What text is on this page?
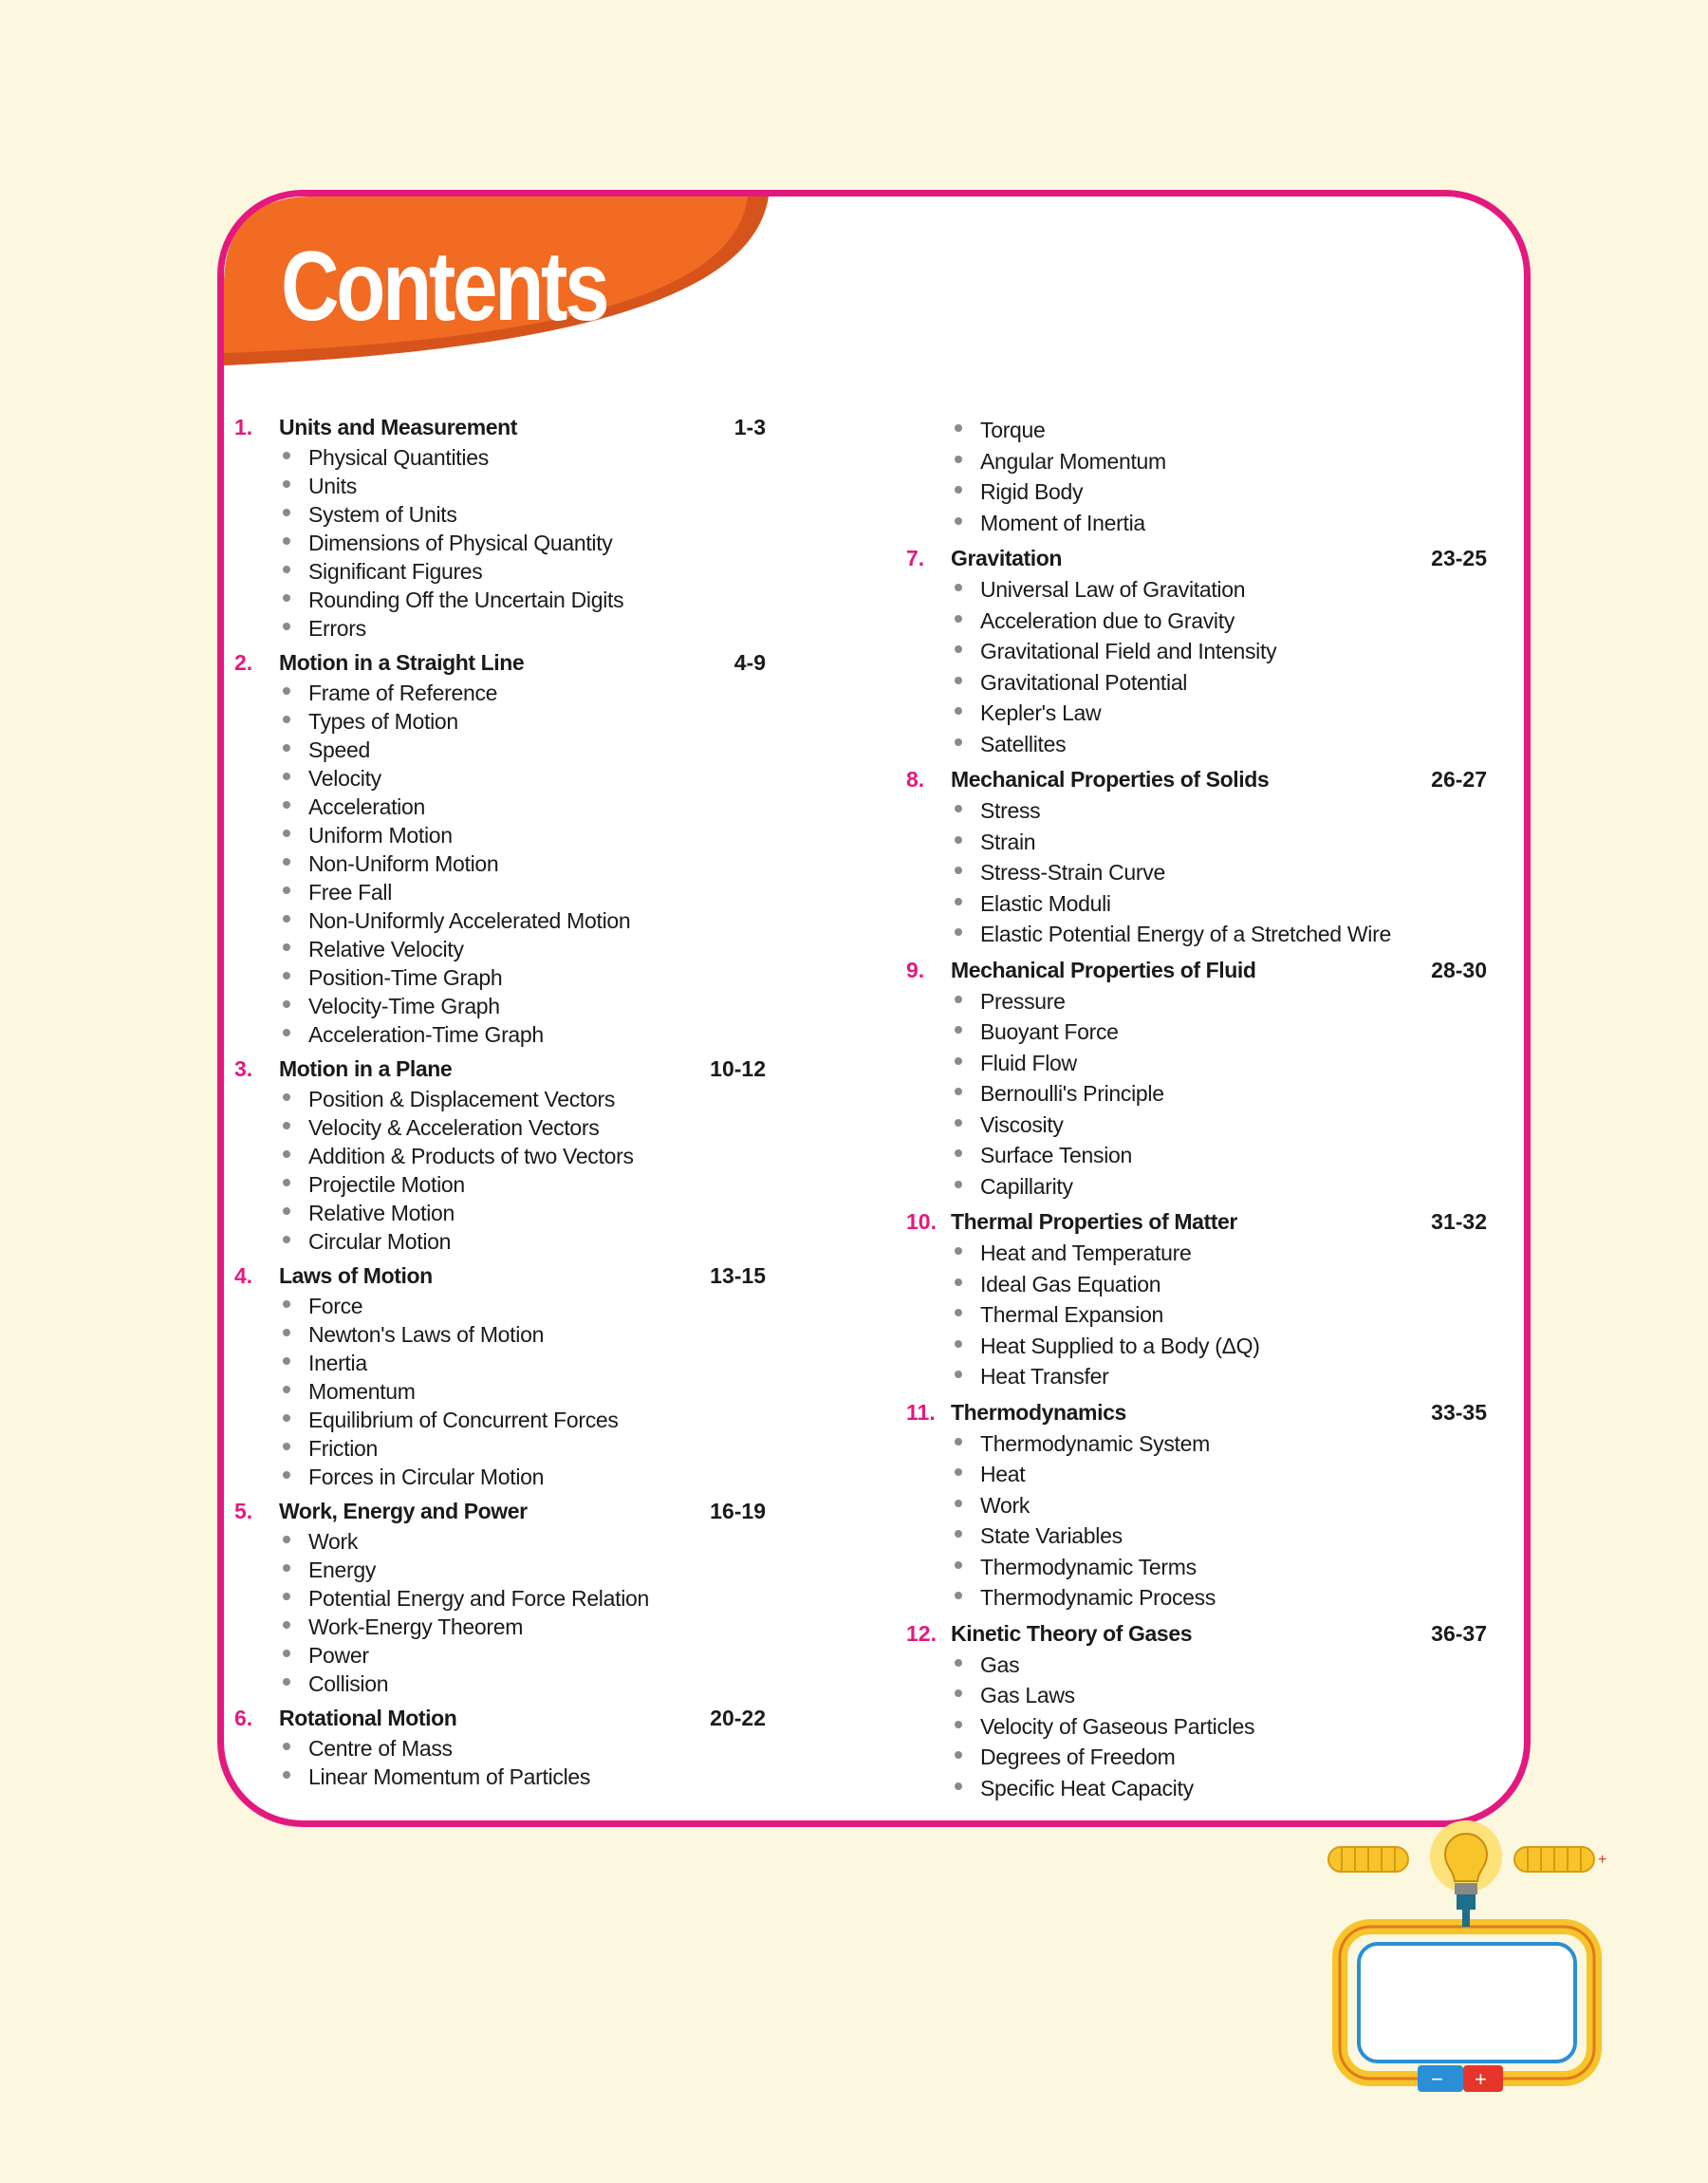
Contents
1.	Units and Measurement	1-3
Physical Quantities
Units
System of Units
Dimensions of Physical Quantity
Significant Figures
Rounding Off the Uncertain Digits
Errors
2.	Motion in a Straight Line	4-9
Frame of Reference
Types of Motion
Speed
Velocity
Acceleration
Uniform Motion
Non-Uniform Motion
Free Fall
Non-Uniformly Accelerated Motion
Relative Velocity
Position-Time Graph
Velocity-Time Graph
Acceleration-Time Graph
3.	Motion in a Plane	10-12
Position & Displacement Vectors
Velocity & Acceleration Vectors
Addition & Products of two Vectors
Projectile Motion
Relative Motion
Circular Motion
4.	Laws of Motion	13-15
Force
Newton's Laws of Motion
Inertia
Momentum
Equilibrium of Concurrent Forces
Friction
Forces in Circular Motion
5.	Work, Energy and Power	16-19
Work
Energy
Potential Energy and Force Relation
Work-Energy Theorem
Power
Collision
6.	Rotational Motion	20-22
Centre of Mass
Linear Momentum of Particles
Torque
Angular Momentum
Rigid Body
Moment of Inertia
7.	Gravitation	23-25
Universal Law of Gravitation
Acceleration due to Gravity
Gravitational Field and Intensity
Gravitational Potential
Kepler's Law
Satellites
8.	Mechanical Properties of Solids	26-27
Stress
Strain
Stress-Strain Curve
Elastic Moduli
Elastic Potential Energy of a Stretched Wire
9.	Mechanical Properties of Fluid	28-30
Pressure
Buoyant Force
Fluid Flow
Bernoulli's Principle
Viscosity
Surface Tension
Capillarity
10. Thermal Properties of Matter	31-32
Heat and Temperature
Ideal Gas Equation
Thermal Expansion
Heat Supplied to a Body (ΔQ)
Heat Transfer
11. Thermodynamics	33-35
Thermodynamic System
Heat
Work
State Variables
Thermodynamic Terms
Thermodynamic Process
12. Kinetic Theory of Gases	36-37
Gas
Gas Laws
Velocity of Gaseous Particles
Degrees of Freedom
Specific Heat Capacity
+
− +
